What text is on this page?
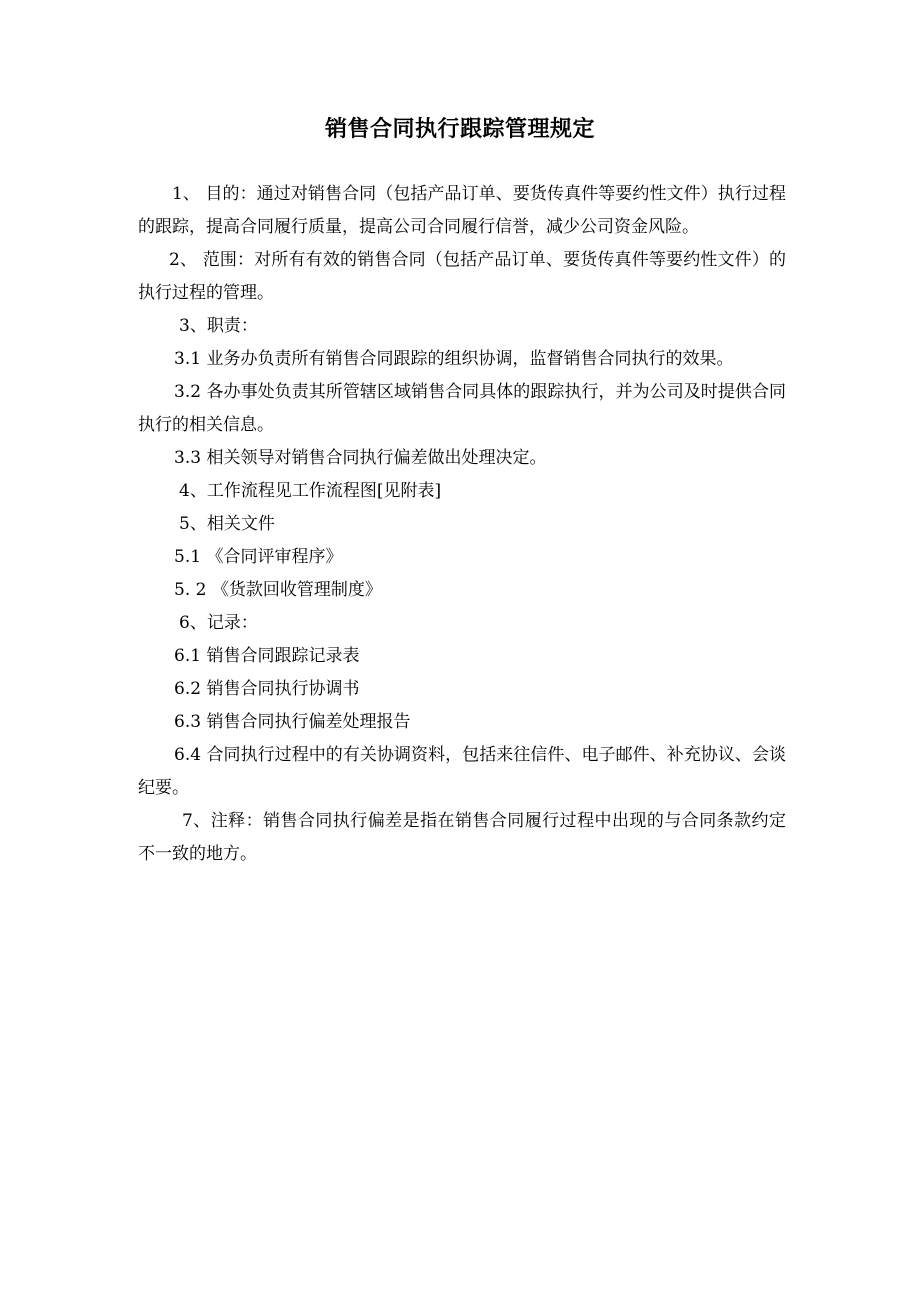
销售合同执行跟踪管理规定

1、 目的：通过对销售合同（包括产品订单、要货传真件等要约性文件）执行过程的跟踪，提高合同履行质量，提高公司合同履行信誉，减少公司资金风险。

2、 范围：对所有有效的销售合同（包括产品订单、要货传真件等要约性文件）的执行过程的管理。

3、职责：

3.1 业务办负责所有销售合同跟踪的组织协调，监督销售合同执行的效果。

3.2 各办事处负责其所管辖区域销售合同具体的跟踪执行，并为公司及时提供合同执行的相关信息。

3.3 相关领导对销售合同执行偏差做出处理决定。

4、工作流程见工作流程图[见附表]

5、相关文件

5.1 《合同评审程序》

5. 2 《货款回收管理制度》

6、记录：

6.1 销售合同跟踪记录表

6.2 销售合同执行协调书

6.3 销售合同执行偏差处理报告

6.4 合同执行过程中的有关协调资料，包括来往信件、电子邮件、补充协议、会谈纪要。

7、注释：销售合同执行偏差是指在销售合同履行过程中出现的与合同条款约定不一致的地方。
